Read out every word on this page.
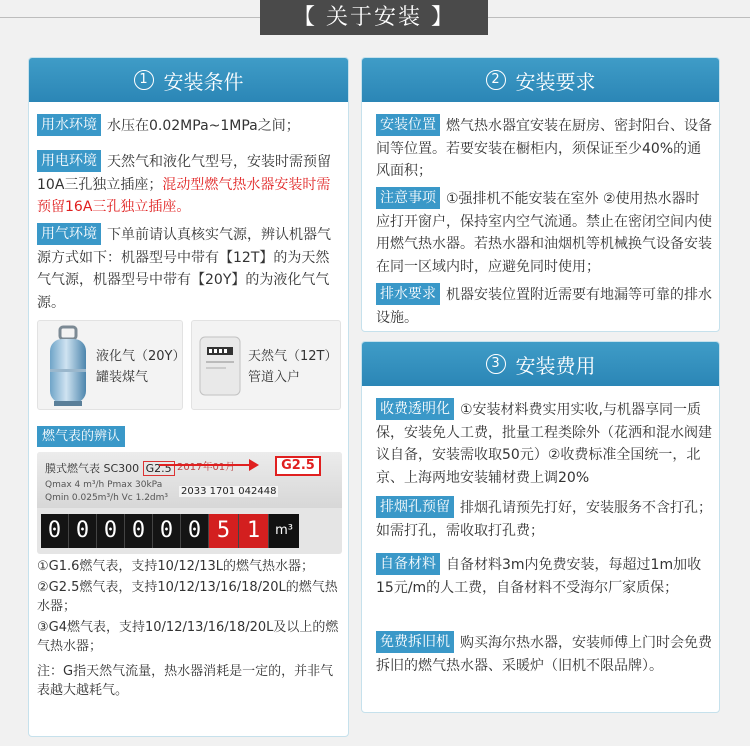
【 关于安装 】
1 安装条件
用水环境 水压在0.02MPa~1MPa之间；
用电环境 天然气和液化气型号，安装时需预留10A三孔独立插座；混动型燃气热水器安装时需预留16A三孔独立插座。
用气环境 下单前请认真核实气源，辨认机器气源方式如下：机器型号中带有【12T】的为天然气气源，机器型号中带有【20Y】的为液化气气源。
液化气（20Y）
罐装煤气
天然气（12T）
管道入户
燃气表的辨认
膜式燃气表 SC300 G2.5 2017年01月
Qmax 4 m³/h Pmax 30kPa
Qmin 0.025m³/h Vc 1.2dm³
2033 1701 042448
0 0 0 0 0 0 5 1	m³
G2.5
①G1.6燃气表，支持10/12/13L的燃气热水器；
②G2.5燃气表，支持10/12/13/16/18/20L的燃气热水器；
③G4燃气表，支持10/12/13/16/18/20L及以上的燃气热水器；
注：G指天然气流量，热水器消耗是一定的，并非气表越大越耗气。
2 安装要求
安装位置 燃气热水器宜安装在厨房、密封阳台、设备间等位置。若要安装在橱柜内，须保证至少40%的通风面积；
注意事项 ①强排机不能安装在室外 ②使用热水器时应打开窗户，保持室内空气流通。禁止在密闭空间内使用燃气热水器。若热水器和油烟机等机械换气设备安装在同一区域内时，应避免同时使用；
排水要求 机器安装位置附近需要有地漏等可靠的排水设施。
3 安装费用
收费透明化 ①安装材料费实用实收,与机器享同一质保，安装免人工费，批量工程类除外（花洒和混水阀建议自备，安装需收取50元）②收费标准全国统一，北京、上海两地安装辅材费上调20%
排烟孔预留 排烟孔请预先打好，安装服务不含打孔；如需打孔，需收取打孔费；
自备材料 自备材料3m内免费安装，每超过1m加收15元/m的人工费，自备材料不受海尔厂家质保；
免费拆旧机 购买海尔热水器，安装师傅上门时会免费拆旧的燃气热水器、采暖炉（旧机不限品牌）。
